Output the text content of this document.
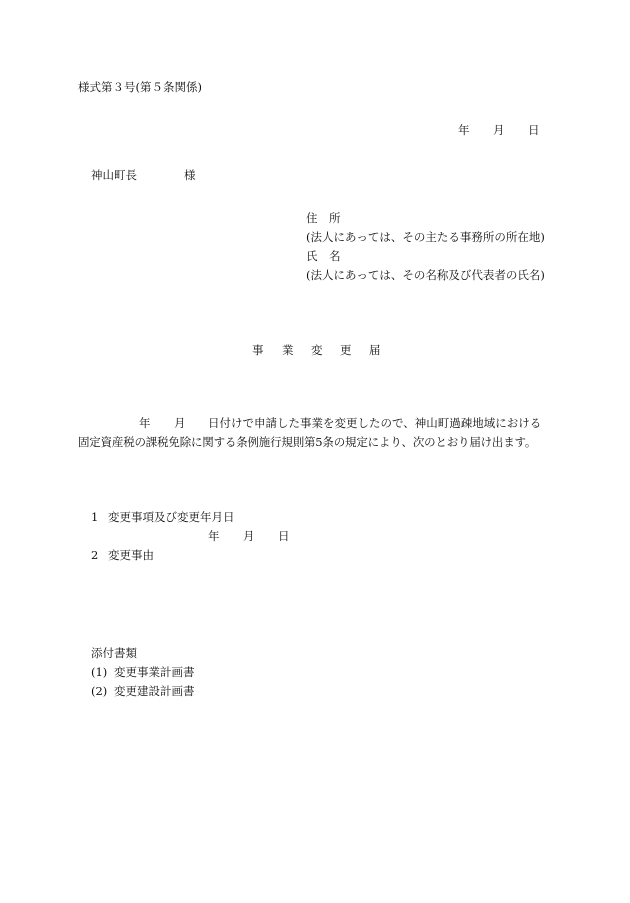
様式第３号(第５条関係)
年 月 日
神山町長	様
住　所
(法人にあっては、その主たる事務所の所在地)
氏　名
(法人にあっては、その名称及び代表者の氏名)
事 業 変 更 届
年 月 日付けで申請した事業を変更したので、神山町過疎地域における
固定資産税の課税免除に関する条例施行規則第5条の規定により、次のとおり届け出ます。
1 変更事項及び変更年月日
年 月 日
2 変更事由
添付書類
(1) 変更事業計画書
(2) 変更建設計画書
